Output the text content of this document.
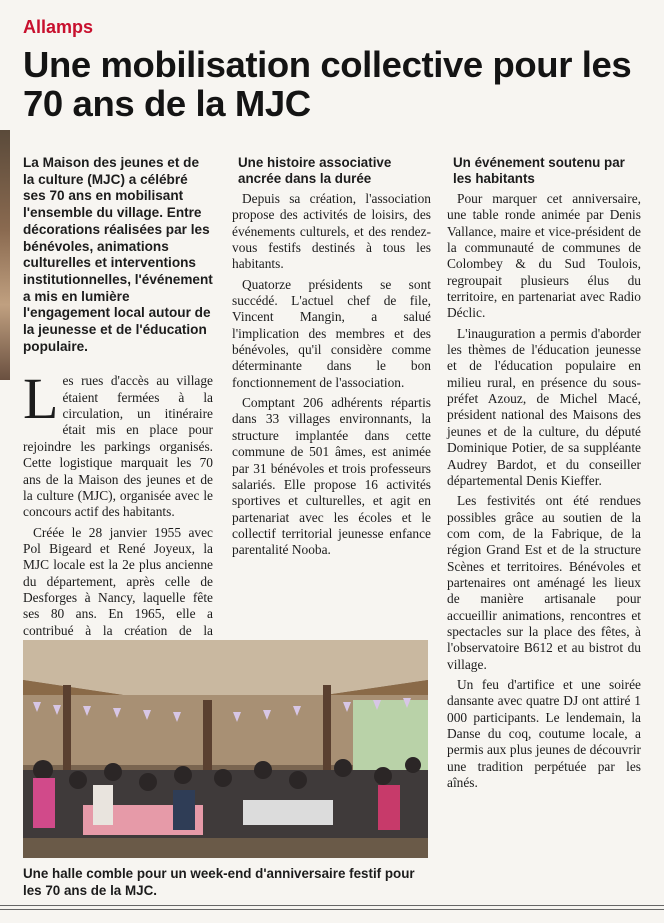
Allamps
Une mobilisation collective pour les 70 ans de la MJC
La Maison des jeunes et de la culture (MJC) a célébré ses 70 ans en mobilisant l'ensemble du village. Entre décorations réalisées par les bénévoles, animations culturelles et interventions institutionnelles, l'événement a mis en lumière l'engagement local autour de la jeunesse et de l'éducation populaire.

Les rues d'accès au village étaient fermées à la circulation, un itinéraire était mis en place pour rejoindre les parkings organisés. Cette logistique marquait les 70 ans de la Maison des jeunes et de la culture (MJC), organisée avec le concours actif des habitants.

Créée le 28 janvier 1955 avec Pol Bigeard et René Joyeux, la MJC locale est la 2e plus ancienne du département, après celle de Desforges à Nancy, laquelle fête ses 80 ans. En 1965, elle a contribué à la création de la

Une histoire associative ancrée dans la durée

Depuis sa création, l'association propose des activités de loisirs, des événements culturels, et des rendez-vous festifs destinés à tous les habitants.

Quatorze présidents se sont succédé. L'actuel chef de file, Vincent Mangin, a salué l'implication des membres et des bénévoles, qu'il considère comme déterminante dans le bon fonctionnement de l'association.

Comptant 206 adhérents répartis dans 33 villages environnants, la structure implantée dans cette commune de 501 âmes, est animée par 31 bénévoles et trois professeurs salariés. Elle propose 16 activités sportives et culturelles, et agit en partenariat avec les écoles et le collectif territorial jeunesse enfance parentalité Nooba.

Un événement soutenu par les habitants

Pour marquer cet anniversaire, une table ronde animée par Denis Vallance, maire et vice-président de la communauté de communes de Colombey & du Sud Toulois, regroupait plusieurs élus du territoire, en partenariat avec Radio Déclic.

L'inauguration a permis d'aborder les thèmes de l'éducation jeunesse et de l'éducation populaire en milieu rural, en présence du sous-préfet Azouz, de Michel Macé, président national des Maisons des jeunes et de la culture, du député Dominique Potier, de sa suppléante Audrey Bardot, et du conseiller départemental Denis Kieffer.

Les festivités ont été rendues possibles grâce au soutien de la com com, de la Fabrique, de la région Grand Est et de la structure Scènes et territoires. Bénévoles et partenaires ont aménagé les lieux de manière artisanale pour accueillir animations, rencontres et spectacles sur la place des fêtes, à l'observatoire B612 et au bistrot du village.

Un feu d'artifice et une soirée dansante avec quatre DJ ont attiré 1 000 participants. Le lendemain, la Danse du coq, coutume locale, a permis aux plus jeunes de découvrir une tradition perpétuée par les aînés.

Une halle comble pour un week-end d'anniversaire festif pour les 70 ans de la MJC.
